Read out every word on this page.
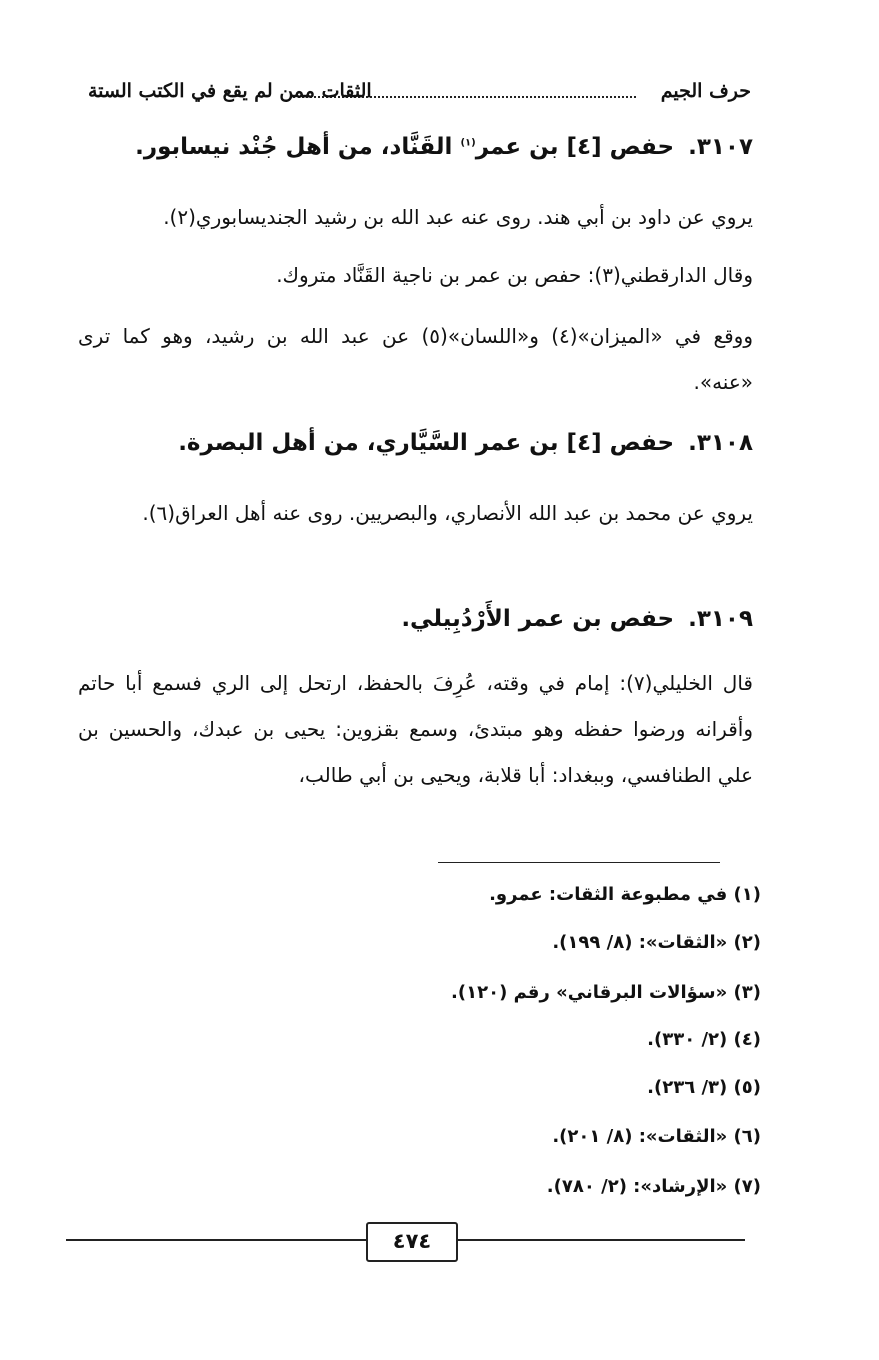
حرف الجيم
الثقات ممن لم يقع في الكتب الستة
٣١٠٧.حفص [٤] بن عمر$^{(١)}$ القَنَّاد، من أهل جُنْد نيسابور.
يروي عن داود بن أبي هند. روى عنه عبد الله بن رشيد الجنديسابوري(٢).
وقال الدارقطني(٣): حفص بن عمر بن ناجية القَنَّاد متروك.
ووقع في «الميزان»(٤) و«اللسان»(٥) عن عبد الله بن رشيد، وهو كما ترى «عنه».
٣١٠٨.حفص [٤] بن عمر السَّيَّاري، من أهل البصرة.
يروي عن محمد بن عبد الله الأنصاري، والبصريين. روى عنه أهل العراق(٦).
٣١٠٩.حفص بن عمر الأَرْدُبِيلي.
قال الخليلي(٧): إمام في وقته، عُرِفَ بالحفظ، ارتحل إلى الري فسمع أبا حاتم وأقرانه ورضوا حفظه وهو مبتدئ، وسمع بقزوين: يحيى بن عبدك، والحسين بن علي الطنافسي، وببغداد: أبا قلابة، ويحيى بن أبي طالب،
(١) في مطبوعة الثقات: عمرو.
(٢) «الثقات»: (٨/ ١٩٩).
(٣) «سؤالات البرقاني» رقم (١٢٠).
(٤) (٢/ ٣٣٠).
(٥) (٣/ ٢٣٦).
(٦) «الثقات»: (٨/ ٢٠١).
(٧) «الإرشاد»: (٢/ ٧٨٠).
٤٧٤
